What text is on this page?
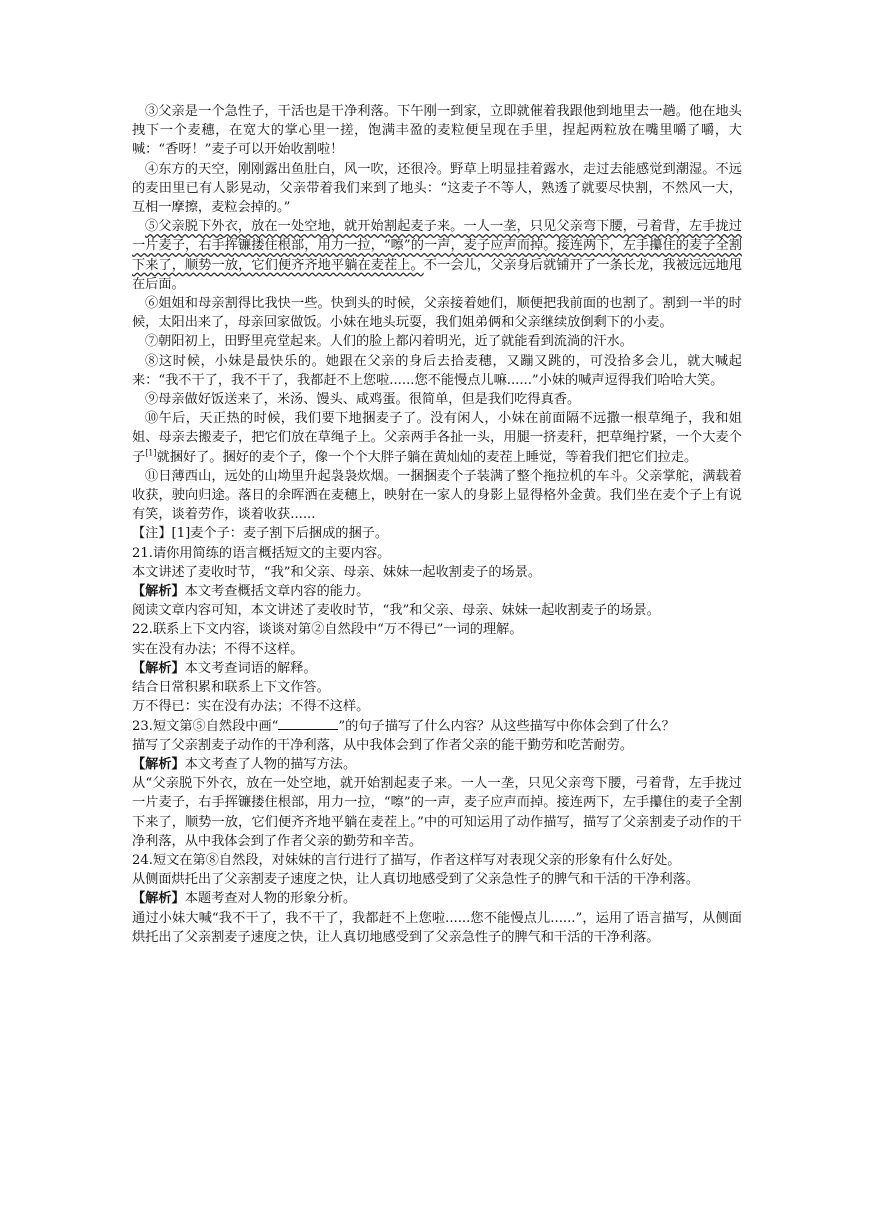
③父亲是一个急性子，干活也是干净利落。下午刚一到家，立即就催着我跟他到地里去一趟。他在地头拽下一个麦穗，在宽大的掌心里一搓，饱满丰盈的麦粒便呈现在手里，捏起两粒放在嘴里嚼了嚼，大喊：“香呀！”麦子可以开始收割啦！

④东方的天空，刚刚露出鱼肚白，风一吹，还很冷。野草上明显挂着露水，走过去能感觉到潮湿。不远的麦田里已有人影晃动，父亲带着我们来到了地头：“这麦子不等人，熟透了就要尽快割，不然风一大，互相一摩擦，麦粒会掉的。”

⑤父亲脱下外衣，放在一处空地，就开始割起麦子来。一人一垄，只见父亲弯下腰，弓着背，左手拢过一片麦子，右手挥镰搂住根部，用力一拉，“嚓”的一声，麦子应声而掉。接连两下，左手攥住的麦子全割下来了，顺势一放，它们便齐齐地平躺在麦茬上。不一会儿，父亲身后就铺开了一条长龙，我被远远地甩在后面。

⑥姐姐和母亲割得比我快一些。快到头的时候，父亲接着她们，顺便把我前面的也割了。割到一半的时候，太阳出来了，母亲回家做饭。小妹在地头玩耍，我们姐弟俩和父亲继续放倒剩下的小麦。

⑦朝阳初上，田野里亮堂起来。人们的脸上都闪着明光，近了就能看到流淌的汗水。

⑧这时候，小妹是最快乐的。她跟在父亲的身后去拾麦穗，又蹦又跳的，可没拾多会儿，就大喊起来：“我不干了，我不干了，我都赶不上您啦......您不能慢点儿嘛......”小妹的喊声逗得我们哈哈大笑。

⑨母亲做好饭送来了，米汤、馒头、咸鸡蛋。很简单，但是我们吃得真香。

⑩午后，天正热的时候，我们要下地捆麦子了。没有闲人，小妹在前面隔不远撒一根草绳子，我和姐姐、母亲去搬麦子，把它们放在草绳子上。父亲两手各扯一头，用腿一挤麦秆，把草绳拧紧，一个大麦个子[1]就捆好了。捆好的麦个子，像一个个大胖子躺在黄灿灿的麦茬上睡觉，等着我们把它们拉走。

⑪日薄西山，远处的山坳里升起袅袅炊烟。一捆捆麦个子装满了整个拖拉机的车斗。父亲掌舵，满载着收获，驶向归途。落日的余晖洒在麦穗上，映射在一家人的身影上显得格外金黄。我们坐在麦个子上有说有笑，谈着劳作，谈着收获......

【注】[1]麦个子：麦子割下后捆成的捆子。

21.请你用简练的语言概括短文的主要内容。

本文讲述了麦收时节，“我”和父亲、母亲、妹妹一起收割麦子的场景。

【解析】本文考查概括文章内容的能力。

阅读文章内容可知，本文讲述了麦收时节，“我”和父亲、母亲、妹妹一起收割麦子的场景。

22.联系上下文内容，谈谈对第②自然段中“万不得已”一词的理解。

实在没有办法；不得不这样。

【解析】本文考查词语的解释。

结合日常积累和联系上下文作答。

万不得已：实在没有办法；不得不这样。

23.短文第⑤自然段中画“	”的句子描写了什么内容？从这些描写中你体会到了什么？

描写了父亲割麦子动作的干净利落，从中我体会到了作者父亲的能干勤劳和吃苦耐劳。

【解析】本文考查了人物的描写方法。

从“父亲脱下外衣，放在一处空地，就开始割起麦子来。一人一垄，只见父亲弯下腰，弓着背，左手拢过一片麦子，右手挥镰搂住根部，用力一拉，“嚓”的一声，麦子应声而掉。接连两下，左手攥住的麦子全割下来了，顺势一放，它们便齐齐地平躺在麦茬上。”中的可知运用了动作描写，描写了父亲割麦子动作的干净利落，从中我体会到了作者父亲的勤劳和辛苦。

24.短文在第⑧自然段，对妹妹的言行进行了描写，作者这样写对表现父亲的形象有什么好处。

从侧面烘托出了父亲割麦子速度之快，让人真切地感受到了父亲急性子的脾气和干活的干净利落。

【解析】本题考查对人物的形象分析。

通过小妹大喊“我不干了，我不干了，我都赶不上您啦......您不能慢点儿......”，运用了语言描写，从侧面烘托出了父亲割麦子速度之快，让人真切地感受到了父亲急性子的脾气和干活的干净利落。
